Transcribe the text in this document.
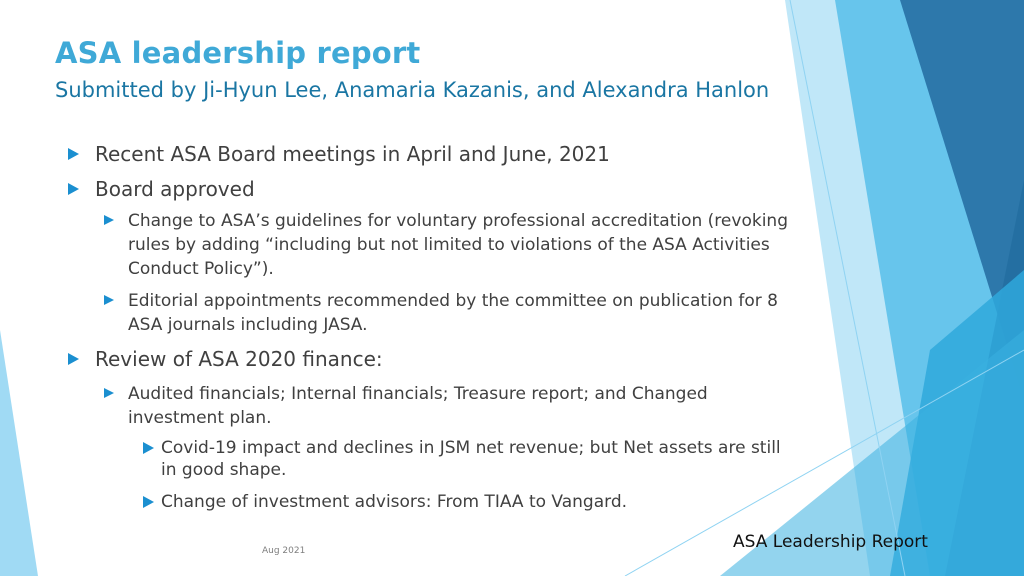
ASA leadership report
Submitted by Ji-Hyun Lee, Anamaria Kazanis, and Alexandra Hanlon
Recent ASA Board meetings in April and June, 2021
Board approved
Change to ASA’s guidelines for voluntary professional accreditation (revoking rules by adding “including but not limited to violations of the ASA Activities Conduct Policy”).
Editorial appointments recommended by the committee on publication for 8 ASA journals including JASA.
Review of ASA 2020 finance:
Audited financials; Internal financials; Treasure report; and Changed investment plan.
Covid-19 impact and declines in JSM net revenue; but Net assets are still in good shape.
Change of investment advisors: From TIAA to Vangard.
Aug 2021	ASA Leadership Report
